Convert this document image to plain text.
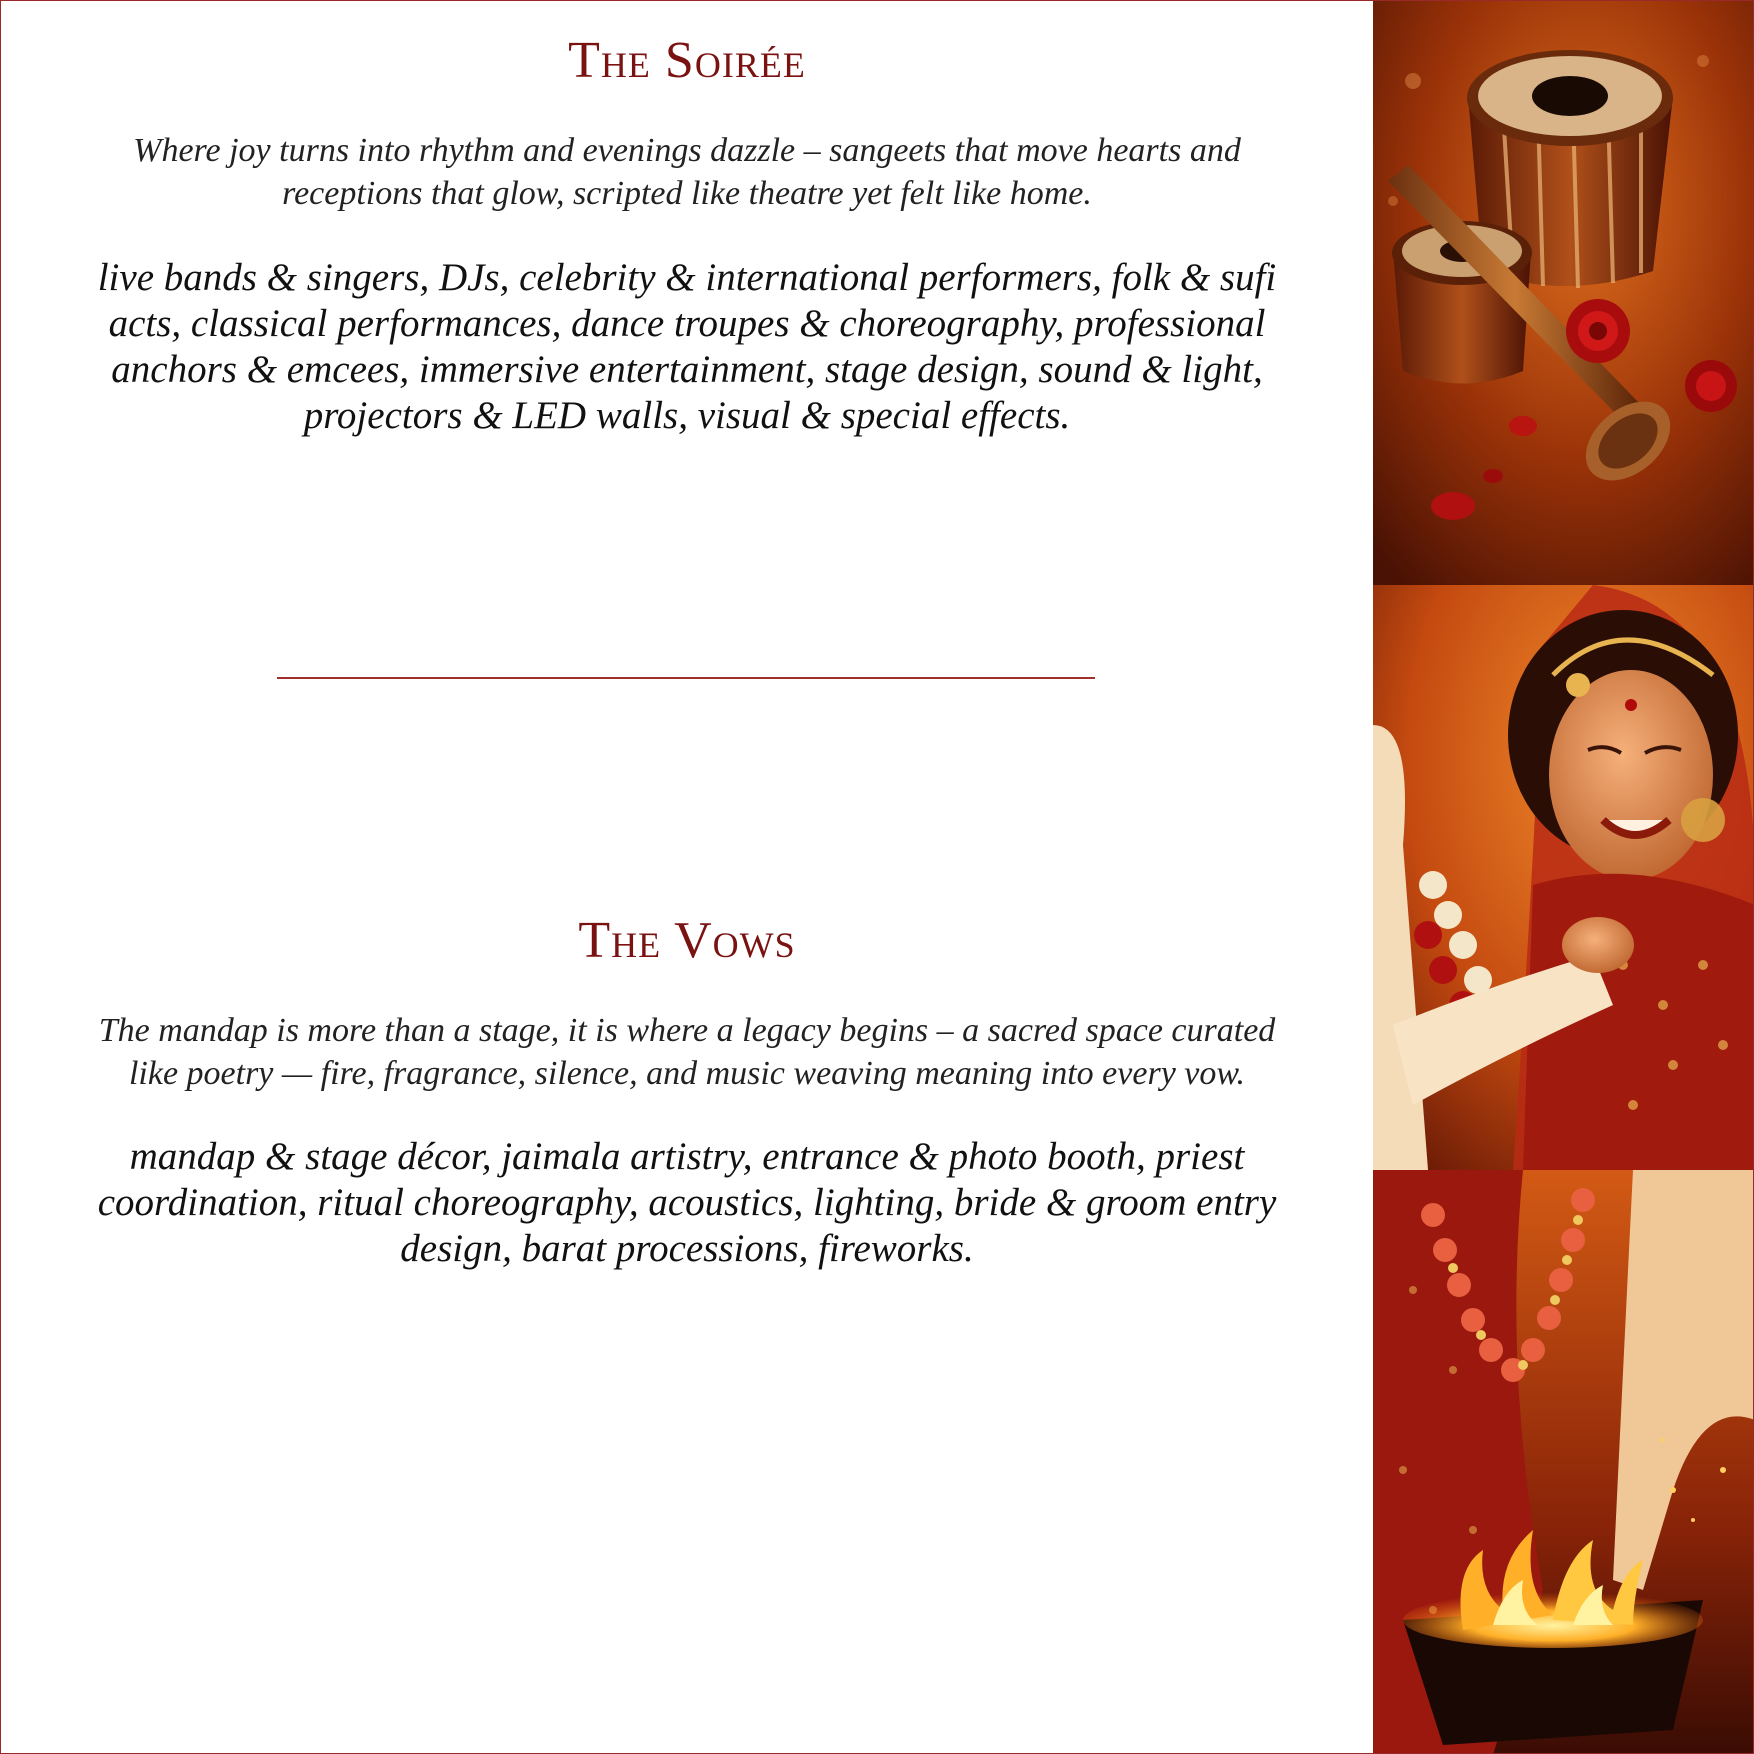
The Soirée
Where joy turns into rhythm and evenings dazzle – sangeets that move hearts and
receptions that glow, scripted like theatre yet felt like home.
live bands & singers, DJs, celebrity & international performers, folk & sufi
acts, classical performances, dance troupes & choreography, professional
anchors & emcees, immersive entertainment, stage design, sound & light,
projectors & LED walls, visual & special effects.
The Vows
The mandap is more than a stage, it is where a legacy begins – a sacred space curated
like poetry — fire, fragrance, silence, and music weaving meaning into every vow.
mandap & stage décor, jaimala artistry, entrance & photo booth, priest
coordination, ritual choreography, acoustics, lighting, bride & groom entry
design, barat processions, fireworks.
